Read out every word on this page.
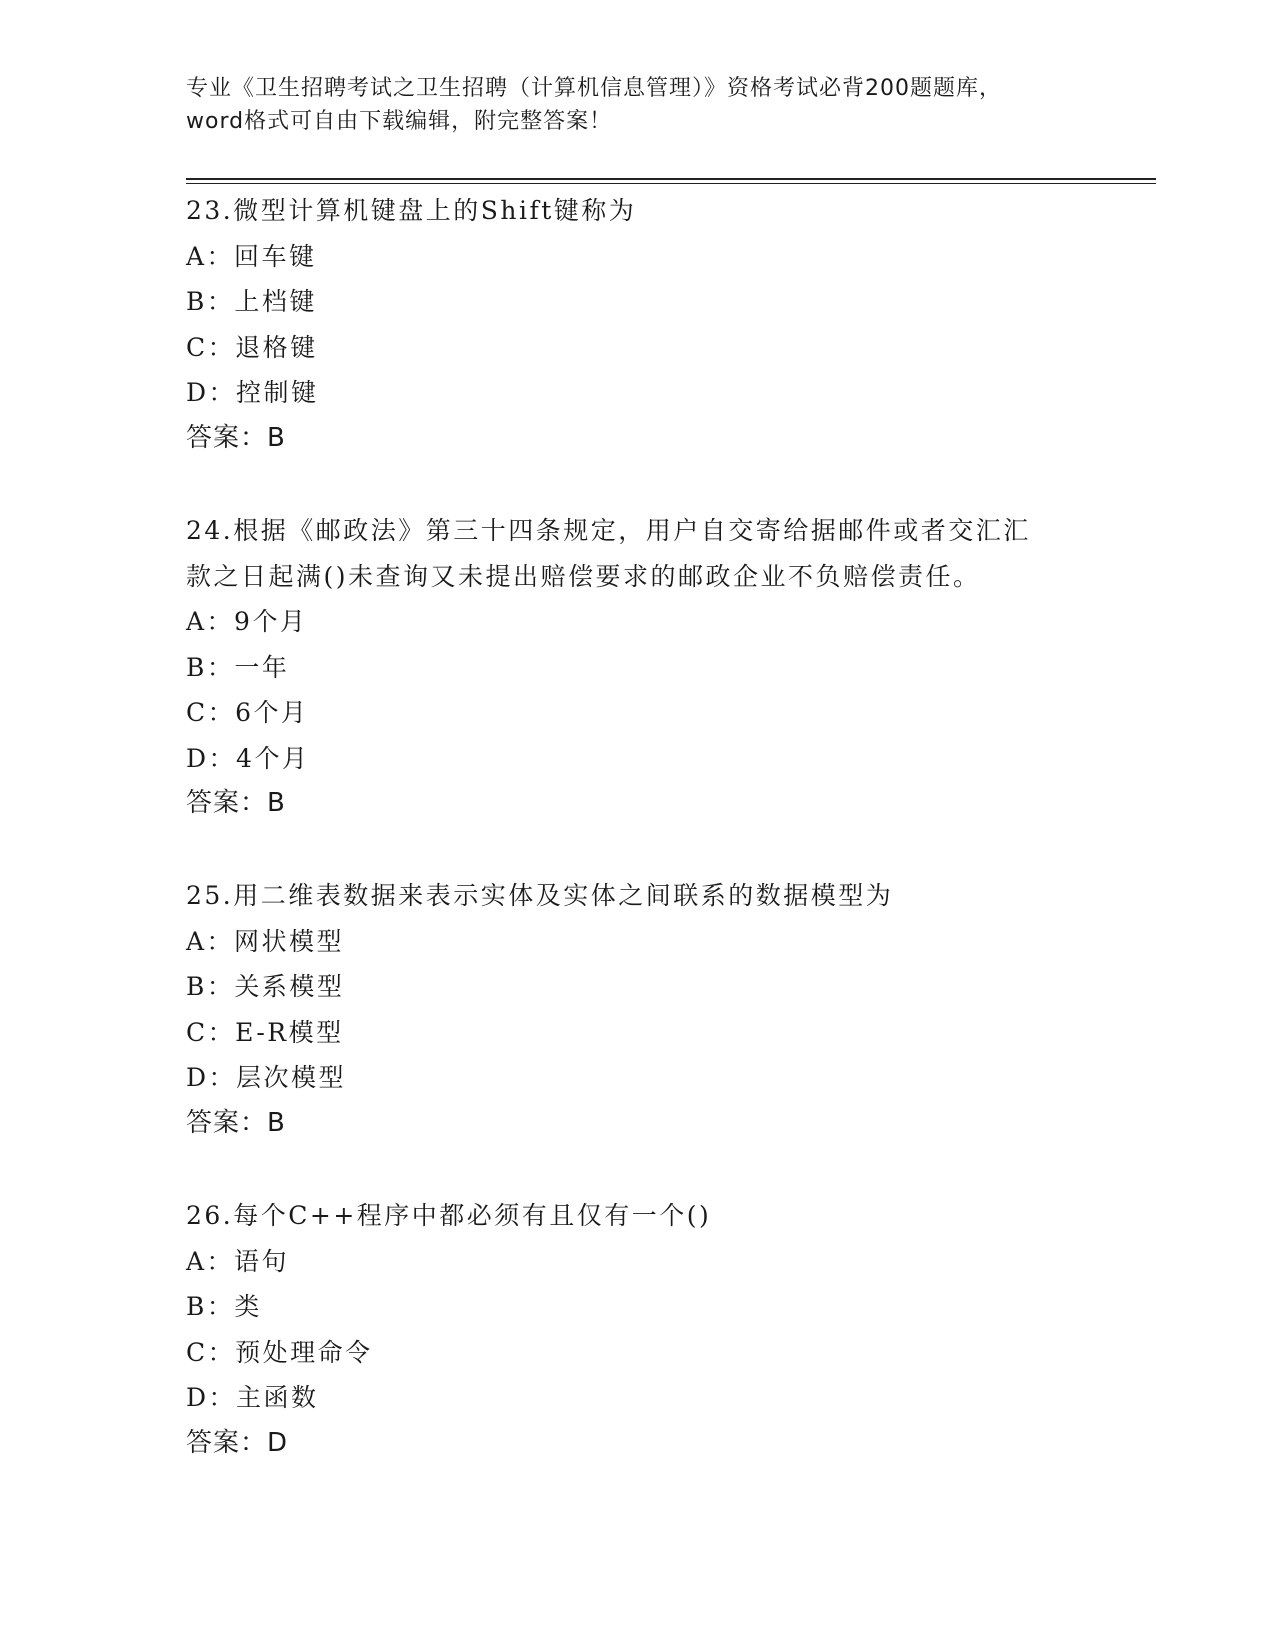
专业《卫生招聘考试之卫生招聘（计算机信息管理）》资格考试必背200题题库，
word格式可自由下载编辑，附完整答案！
23.微型计算机键盘上的Shift键称为
A：回车键
B：上档键
C：退格键
D：控制键
答案：B
24.根据《邮政法》第三十四条规定，用户自交寄给据邮件或者交汇汇
款之日起满()未查询又未提出赔偿要求的邮政企业不负赔偿责任。
A：9个月
B：一年
C：6个月
D：4个月
答案：B
25.用二维表数据来表示实体及实体之间联系的数据模型为
A：网状模型
B：关系模型
C：E-R模型
D：层次模型
答案：B
26.每个C++程序中都必须有且仅有一个()
A：语句
B：类
C：预处理命令
D：主函数
答案：D
